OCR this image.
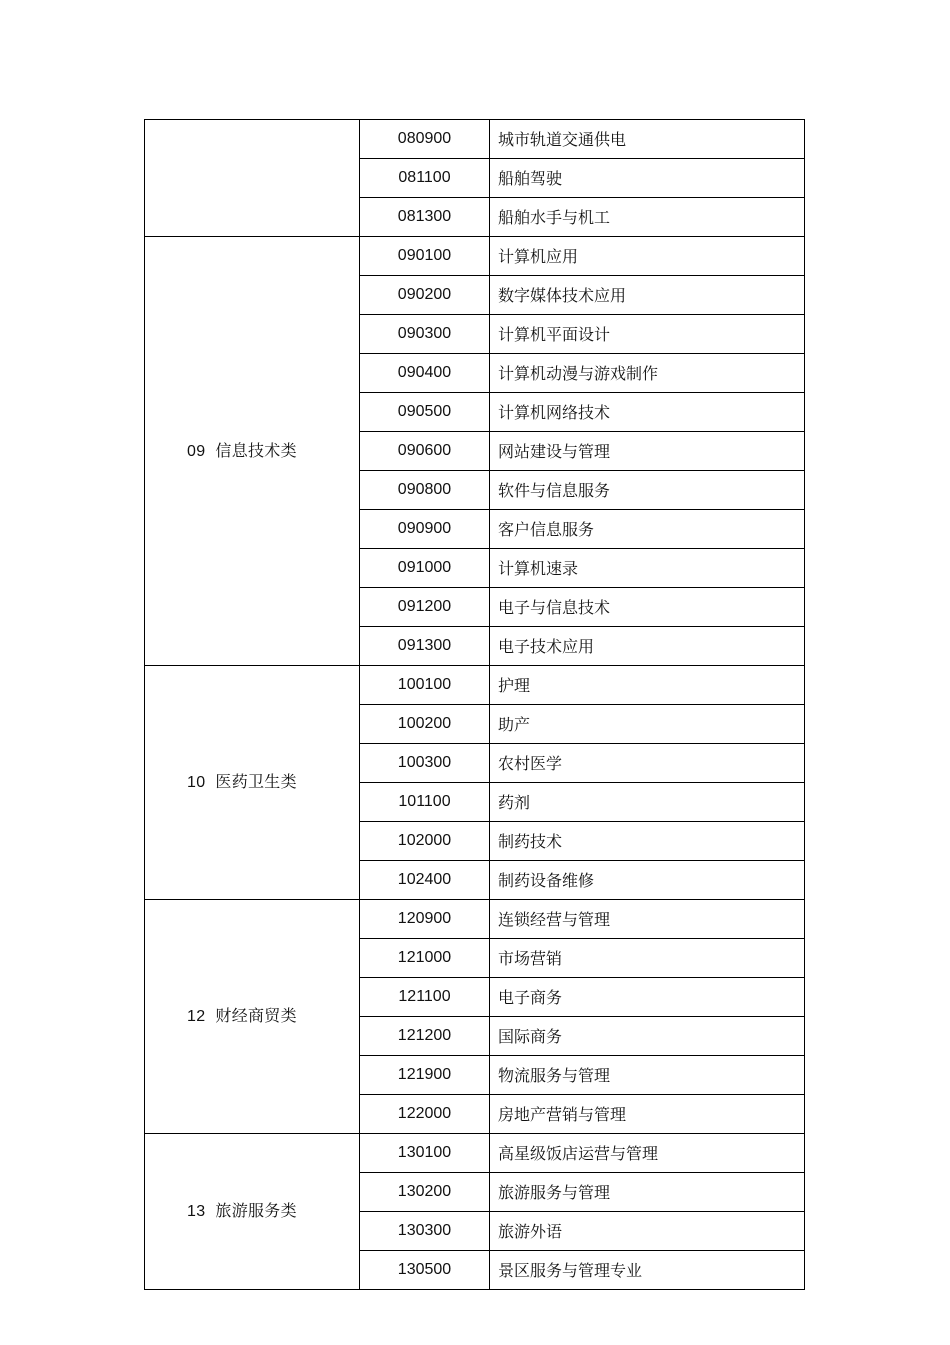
	080900	城市轨道交通供电
	081100	船舶驾驶
	081300	船舶水手与机工
09 信息技术类	090100	计算机应用
	090200	数字媒体技术应用
	090300	计算机平面设计
	090400	计算机动漫与游戏制作
	090500	计算机网络技术
	090600	网站建设与管理
	090800	软件与信息服务
	090900	客户信息服务
	091000	计算机速录
	091200	电子与信息技术
	091300	电子技术应用
10 医药卫生类	100100	护理
	100200	助产
	100300	农村医学
	101100	药剂
	102000	制药技术
	102400	制药设备维修
12 财经商贸类	120900	连锁经营与管理
	121000	市场营销
	121100	电子商务
	121200	国际商务
	121900	物流服务与管理
	122000	房地产营销与管理
13 旅游服务类	130100	高星级饭店运营与管理
	130200	旅游服务与管理
	130300	旅游外语
	130500	景区服务与管理专业
